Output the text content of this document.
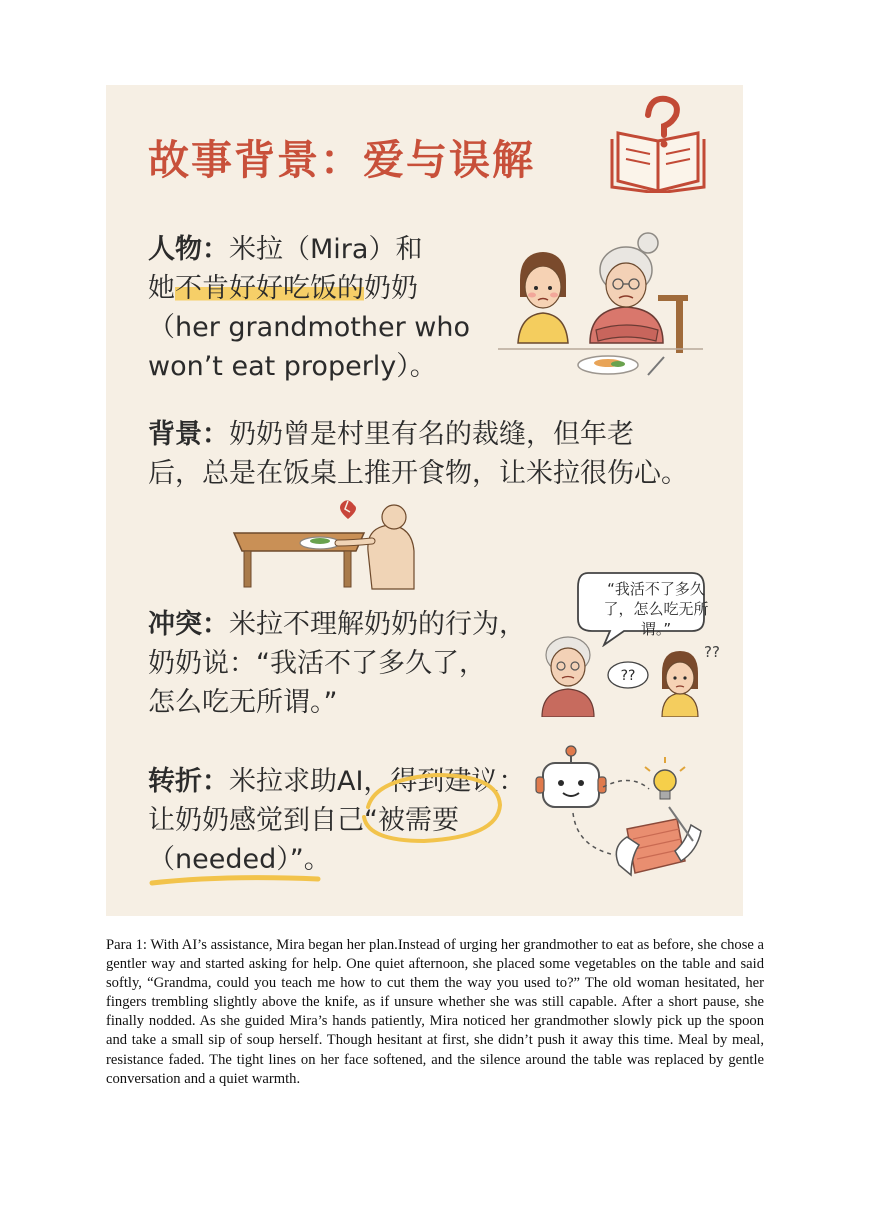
故事背景：爱与误解
人物：米拉（Mira）和
她不肯好好吃饭的奶奶
（her grandmother who
won’t eat properly）。
背景：奶奶曾是村里有名的裁缝，但年老
后，总是在饭桌上推开食物，让米拉很伤心。
“我活不了多久了，怎么吃无所谓。”
??
??
冲突：米拉不理解奶奶的行为，
奶奶说：“我活不了多久了，
怎么吃无所谓。”
转折：米拉求助AI，得到建议：
让奶奶感觉到自己“被需要
（needed）”。
Para 1: With AI’s assistance, Mira began her plan.Instead of urging her grandmother to eat as before, she chose a gentler way and started asking for help. One quiet afternoon, she placed some vegetables on the table and said softly, “Grandma, could you teach me how to cut them the way you used to?” The old woman hesitated, her fingers trembling slightly above the knife, as if unsure whether she was still capable. After a short pause, she finally nodded. As she guided Mira’s hands patiently, Mira noticed her grandmother slowly pick up the spoon and take a small sip of soup herself. Though hesitant at first, she didn’t push it away this time. Meal by meal, resistance faded. The tight lines on her face softened, and the silence around the table was replaced by gentle conversation and a quiet warmth.
